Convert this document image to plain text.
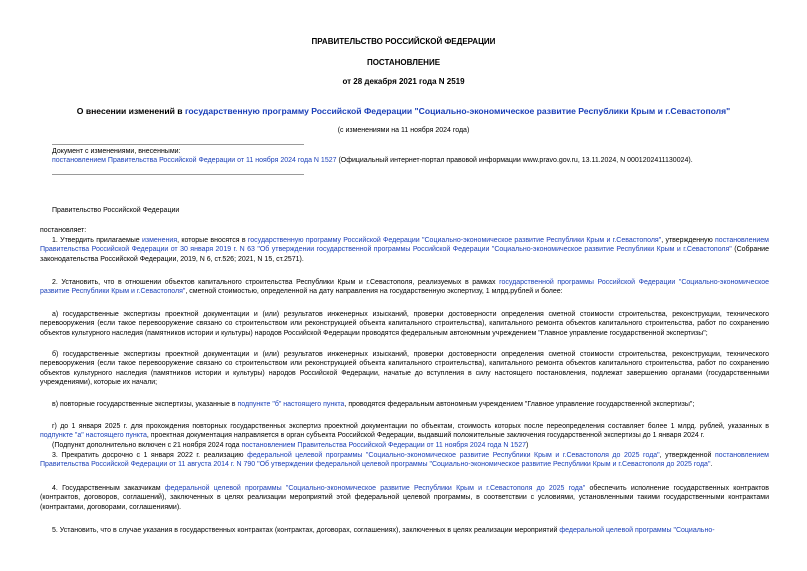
ПРАВИТЕЛЬСТВО РОССИЙСКОЙ ФЕДЕРАЦИИ
ПОСТАНОВЛЕНИЕ
от 28 декабря 2021 года N 2519
О внесении изменений в государственную программу Российской Федерации "Социально-экономическое развитие Республики Крым и г.Севастополя"
(с изменениями на 11 ноября 2024 года)
Документ с изменениями, внесенными:
постановлением Правительства Российской Федерации от 11 ноября 2024 года N 1527 (Официальный интернет-портал правовой информации www.pravo.gov.ru, 13.11.2024, N 0001202411130024).
Правительство Российской Федерации
постановляет:
1. Утвердить прилагаемые изменения, которые вносятся в государственную программу Российской Федерации "Социально-экономическое развитие Республики Крым и г.Севастополя", утвержденную постановлением Правительства Российской Федерации от 30 января 2019 г. N 63 "Об утверждении государственной программы Российской Федерации "Социально-экономическое развитие Республики Крым и г.Севастополя" (Собрание законодательства Российской Федерации, 2019, N 6, ст.526; 2021, N 15, ст.2571).
2. Установить, что в отношении объектов капитального строительства Республики Крым и г.Севастополя, реализуемых в рамках государственной программы Российской Федерации "Социально-экономическое развитие Республики Крым и г.Севастополя", сметной стоимостью, определенной на дату направления на государственную экспертизу, 1 млрд.рублей и более:
а) государственные экспертизы проектной документации и (или) результатов инженерных изысканий, проверки достоверности определения сметной стоимости строительства, реконструкции, технического перевооружения (если такое перевооружение связано со строительством или реконструкцией объекта капитального строительства), капитального ремонта объектов капитального строительства, работ по сохранению объектов культурного наследия (памятников истории и культуры) народов Российской Федерации проводятся федеральным автономным учреждением "Главное управление государственной экспертизы";
б) государственные экспертизы проектной документации и (или) результатов инженерных изысканий, проверки достоверности определения сметной стоимости строительства, реконструкции, технического перевооружения (если такое перевооружение связано со строительством или реконструкцией объекта капитального строительства), капитального ремонта объектов капитального строительства, работ по сохранению объектов культурного наследия (памятников истории и культуры) народов Российской Федерации, начатые до вступления в силу настоящего постановления, подлежат завершению органами (государственными учреждениями), которые их начали;
в) повторные государственные экспертизы, указанные в подпункте "б" настоящего пункта, проводятся федеральным автономным учреждением "Главное управление государственной экспертизы";
г) до 1 января 2025 г. для прохождения повторных государственных экспертиз проектной документации по объектам, стоимость которых после переопределения составляет более 1 млрд. рублей, указанных в подпункте "а" настоящего пункта, проектная документация направляется в орган субъекта Российской Федерации, выдавший положительные заключения государственной экспертизы до 1 января 2024 г.
(Подпункт дополнительно включен с 21 ноября 2024 года постановлением Правительства Российской Федерации от 11 ноября 2024 года N 1527)
3. Прекратить досрочно с 1 января 2022 г. реализацию федеральной целевой программы "Социально-экономическое развитие Республики Крым и г.Севастополя до 2025 года", утвержденной постановлением Правительства Российской Федерации от 11 августа 2014 г. N 790 "Об утверждении федеральной целевой программы "Социально-экономическое развитие Республики Крым и г.Севастополя до 2025 года".
4. Государственным заказчикам федеральной целевой программы "Социально-экономическое развитие Республики Крым и г.Севастополя до 2025 года" обеспечить исполнение государственных контрактов (контрактов, договоров, соглашений), заключенных в целях реализации мероприятий этой федеральной целевой программы, в соответствии с условиями, установленными такими государственными контрактами (контрактами, договорами, соглашениями).
5. Установить, что в случае указания в государственных контрактах (контрактах, договорах, соглашениях), заключенных в целях реализации мероприятий федеральной целевой программы "Социально-
